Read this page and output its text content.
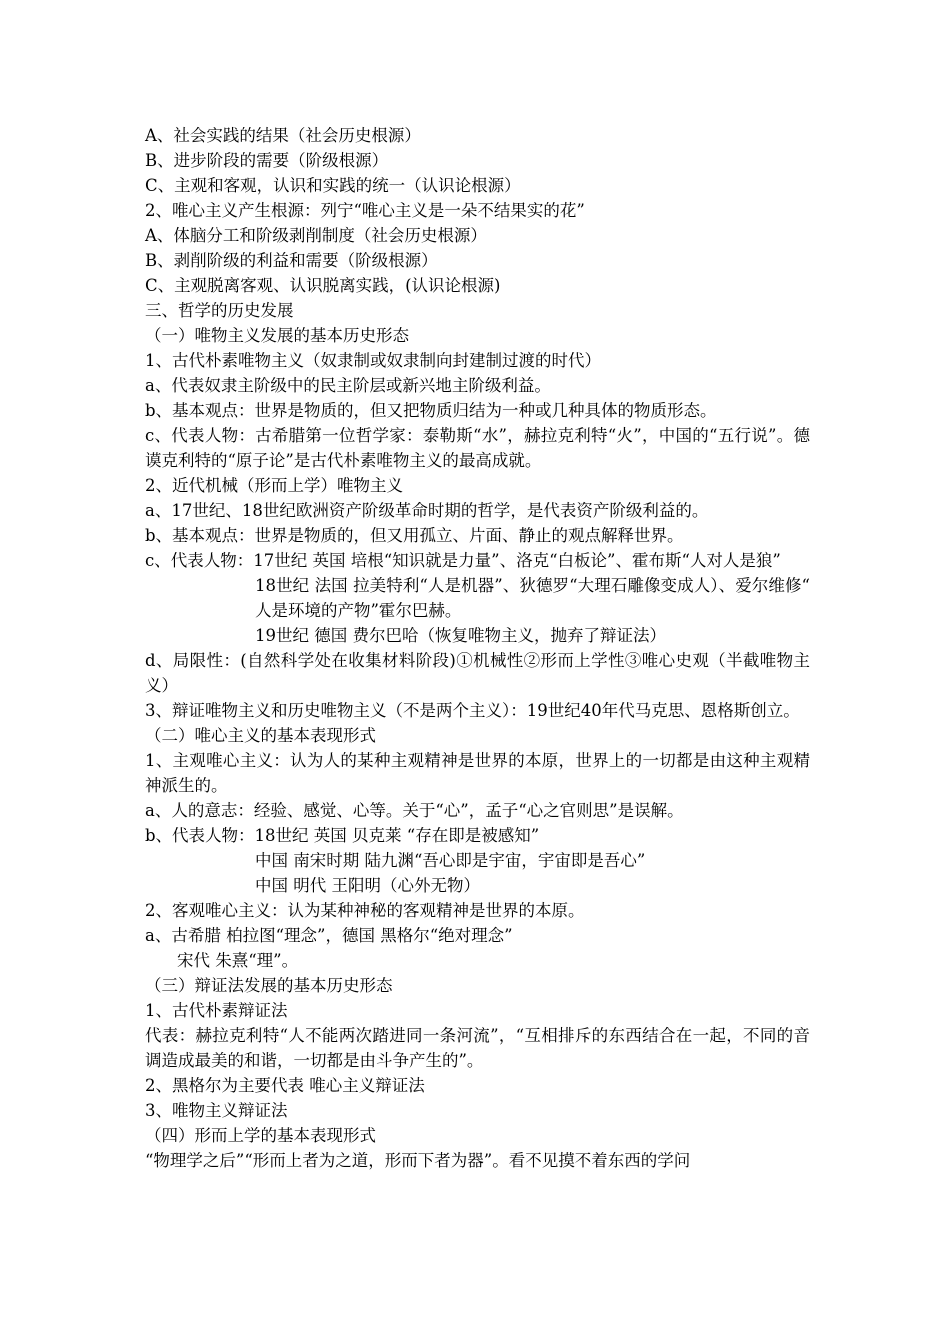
A、社会实践的结果（社会历史根源）
B、进步阶段的需要（阶级根源）
C、主观和客观，认识和实践的统一（认识论根源）
2、唯心主义产生根源：列宁“唯心主义是一朵不结果实的花”
A、体脑分工和阶级剥削制度（社会历史根源）
B、剥削阶级的利益和需要（阶级根源）
C、主观脱离客观、认识脱离实践，(认识论根源)
三、哲学的历史发展
（一）唯物主义发展的基本历史形态
1、古代朴素唯物主义（奴隶制或奴隶制向封建制过渡的时代）
a、代表奴隶主阶级中的民主阶层或新兴地主阶级利益。
b、基本观点：世界是物质的，但又把物质归结为一种或几种具体的物质形态。
c、代表人物：古希腊第一位哲学家：泰勒斯“水”，赫拉克利特“火”，中国的“五行说”。德谟克利特的“原子论”是古代朴素唯物主义的最高成就。
2、近代机械（形而上学）唯物主义
a、17世纪、18世纪欧洲资产阶级革命时期的哲学，是代表资产阶级利益的。
b、基本观点：世界是物质的，但又用孤立、片面、静止的观点解释世界。
c、代表人物：17世纪 英国 培根“知识就是力量”、洛克“白板论”、霍布斯“人对人是狼”
18世纪 法国 拉美特利“人是机器”、狄德罗“大理石雕像变成人）、爱尔维修“人是环境的产物”霍尔巴赫。
19世纪 德国 费尔巴哈（恢复唯物主义，抛弃了辩证法）
d、局限性：(自然科学处在收集材料阶段)①机械性②形而上学性③唯心史观（半截唯物主义）
3、辩证唯物主义和历史唯物主义（不是两个主义）：19世纪40年代马克思、恩格斯创立。
（二）唯心主义的基本表现形式
1、主观唯心主义：认为人的某种主观精神是世界的本原，世界上的一切都是由这种主观精神派生的。
a、人的意志：经验、感觉、心等。关于“心”，孟子“心之官则思”是误解。
b、代表人物：18世纪 英国 贝克莱 “存在即是被感知”
中国 南宋时期 陆九渊“吾心即是宇宙，宇宙即是吾心”
中国 明代 王阳明（心外无物）
2、客观唯心主义：认为某种神秘的客观精神是世界的本原。
a、古希腊 柏拉图“理念”，德国 黑格尔“绝对理念”
宋代 朱熹“理”。
（三）辩证法发展的基本历史形态
1、古代朴素辩证法
代表：赫拉克利特“人不能两次踏进同一条河流”，“互相排斥的东西结合在一起，不同的音调造成最美的和谐，一切都是由斗争产生的”。
2、黑格尔为主要代表 唯心主义辩证法
3、唯物主义辩证法
（四）形而上学的基本表现形式
“物理学之后”“形而上者为之道，形而下者为器”。看不见摸不着东西的学问
